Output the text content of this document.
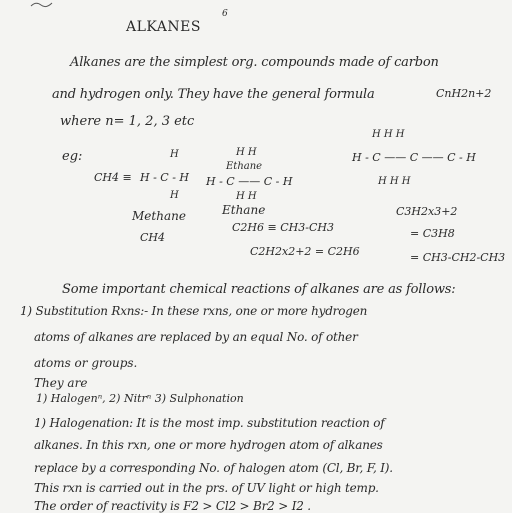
6
ALKANES
Alkanes are the simplest org. compounds made of carbon
and hydrogen only. They have the general formula	CnH2n+2
where n= 1, 2, 3 etc
eg:	H
CH4 ≡ H - C - H
H
Methane
CH4
H H
Ethane
H - C —— C - H
H H
Ethane
C2H6 ≡ CH3-CH3
C2H2x2+2 = C2H6
H H H
H - C —— C —— C - H
H H H
C3H2x3+2
= C3H8
= CH3-CH2-CH3
Some important chemical reactions of alkanes are as follows:
1) Substitution Rxns:- In these rxns, one or more hydrogen
atoms of alkanes are replaced by an equal No. of other
atoms or groups.
They are
1) Halogenⁿ, 2) Nitrⁿ 3) Sulphonation
1) Halogenation: It is the most imp. substitution reaction of
alkanes. In this rxn, one or more hydrogen atom of alkanes
replace by a corresponding No. of halogen atom (Cl, Br, F, I).
This rxn is carried out in the prs. of UV light or high temp.
The order of reactivity is F2 > Cl2 > Br2 > I2 .
